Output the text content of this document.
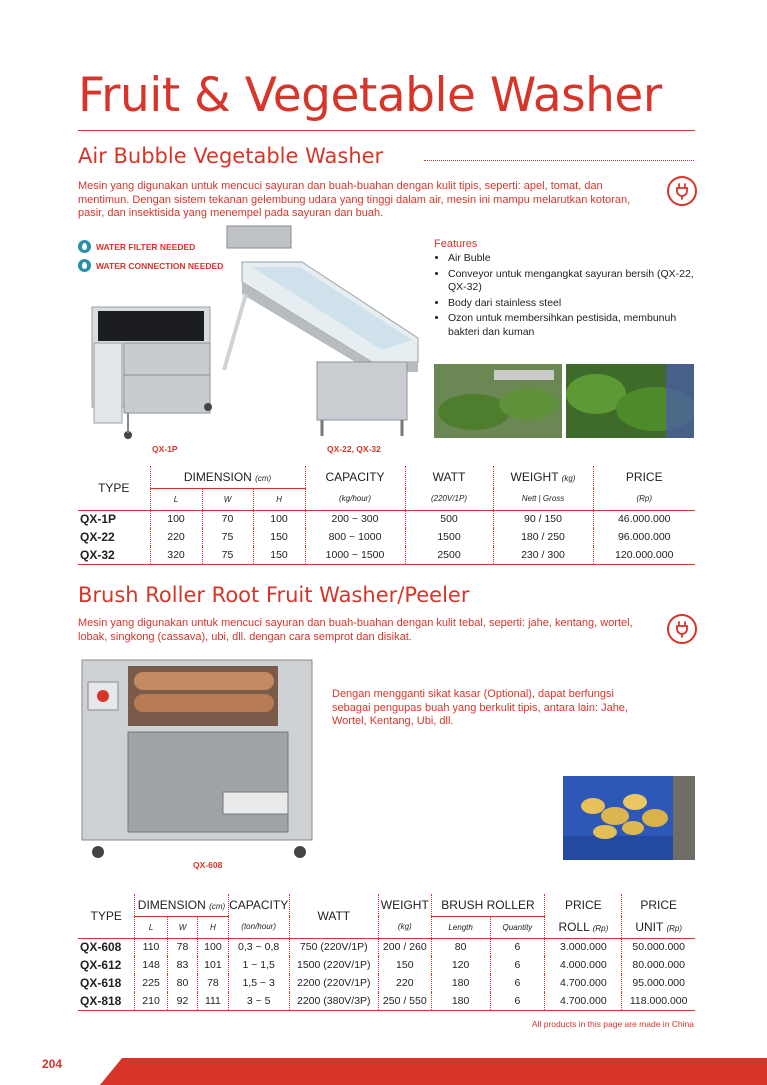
Fruit & Vegetable Washer
Air Bubble Vegetable Washer
Mesin yang digunakan untuk mencuci sayuran dan buah-buahan dengan kulit tipis, seperti: apel, tomat, dan mentimun. Dengan sistem tekanan gelembung udara yang tinggi dalam air, mesin ini mampu melarutkan kotoran, pasir, dan insektisida yang menempel pada sayuran dan buah.
WATER FILTER NEEDED
WATER CONNECTION NEEDED
QX-1P	QX-22, QX-32
Features
• Air Buble
• Conveyor untuk mengangkat sayuran bersih (QX-22, QX-32)
• Body dari stainless steel
• Ozon untuk membersihkan pestisida, membunuh bakteri dan kuman
TYPE	DIMENSION (cm)			CAPACITY	WATT	WEIGHT (kg)	PRICE
	L	W	H	(kg/hour)	(220V/1P)	Nett | Gross	(Rp)
QX-1P	100	70	100	200 ~ 300	500	90 / 150	46.000.000
QX-22	220	75	150	800 ~ 1000	1500	180 / 250	96.000.000
QX-32	320	75	150	1000 ~ 1500	2500	230 / 300	120.000.000
Brush Roller Root Fruit Washer/Peeler
Mesin yang digunakan untuk mencuci sayuran dan buah-buahan dengan kulit tebal, seperti: jahe, kentang, wortel, lobak, singkong (cassava), ubi, dll. dengan cara semprot dan disikat.
QX-608
Dengan mengganti sikat kasar (Optional), dapat berfungsi sebagai pengupas buah yang berkulit tipis, antara lain: Jahe, Wortel, Kentang, Ubi, dll.
TYPE	DIMENSION (cm)			CAPACITY	WATT	WEIGHT	BRUSH ROLLER		PRICE	PRICE
	L	W	H	(ton/hour)		(kg)	Length	Quantity	ROLL (Rp)	UNIT (Rp)
QX-608	110	78	100	0,3 ~ 0,8	750 (220V/1P)	200 / 260	80	6	3.000.000	50.000.000
QX-612	148	83	101	1 ~ 1,5	1500 (220V/1P)	150	120	6	4.000.000	80.000.000
QX-618	225	80	78	1,5 ~ 3	2200 (220V/1P)	220	180	6	4.700.000	95.000.000
QX-818	210	92	111	3 ~ 5	2200 (380V/3P)	250 / 550	180	6	4.700.000	118.000.000
All products in this page are made in China
204
